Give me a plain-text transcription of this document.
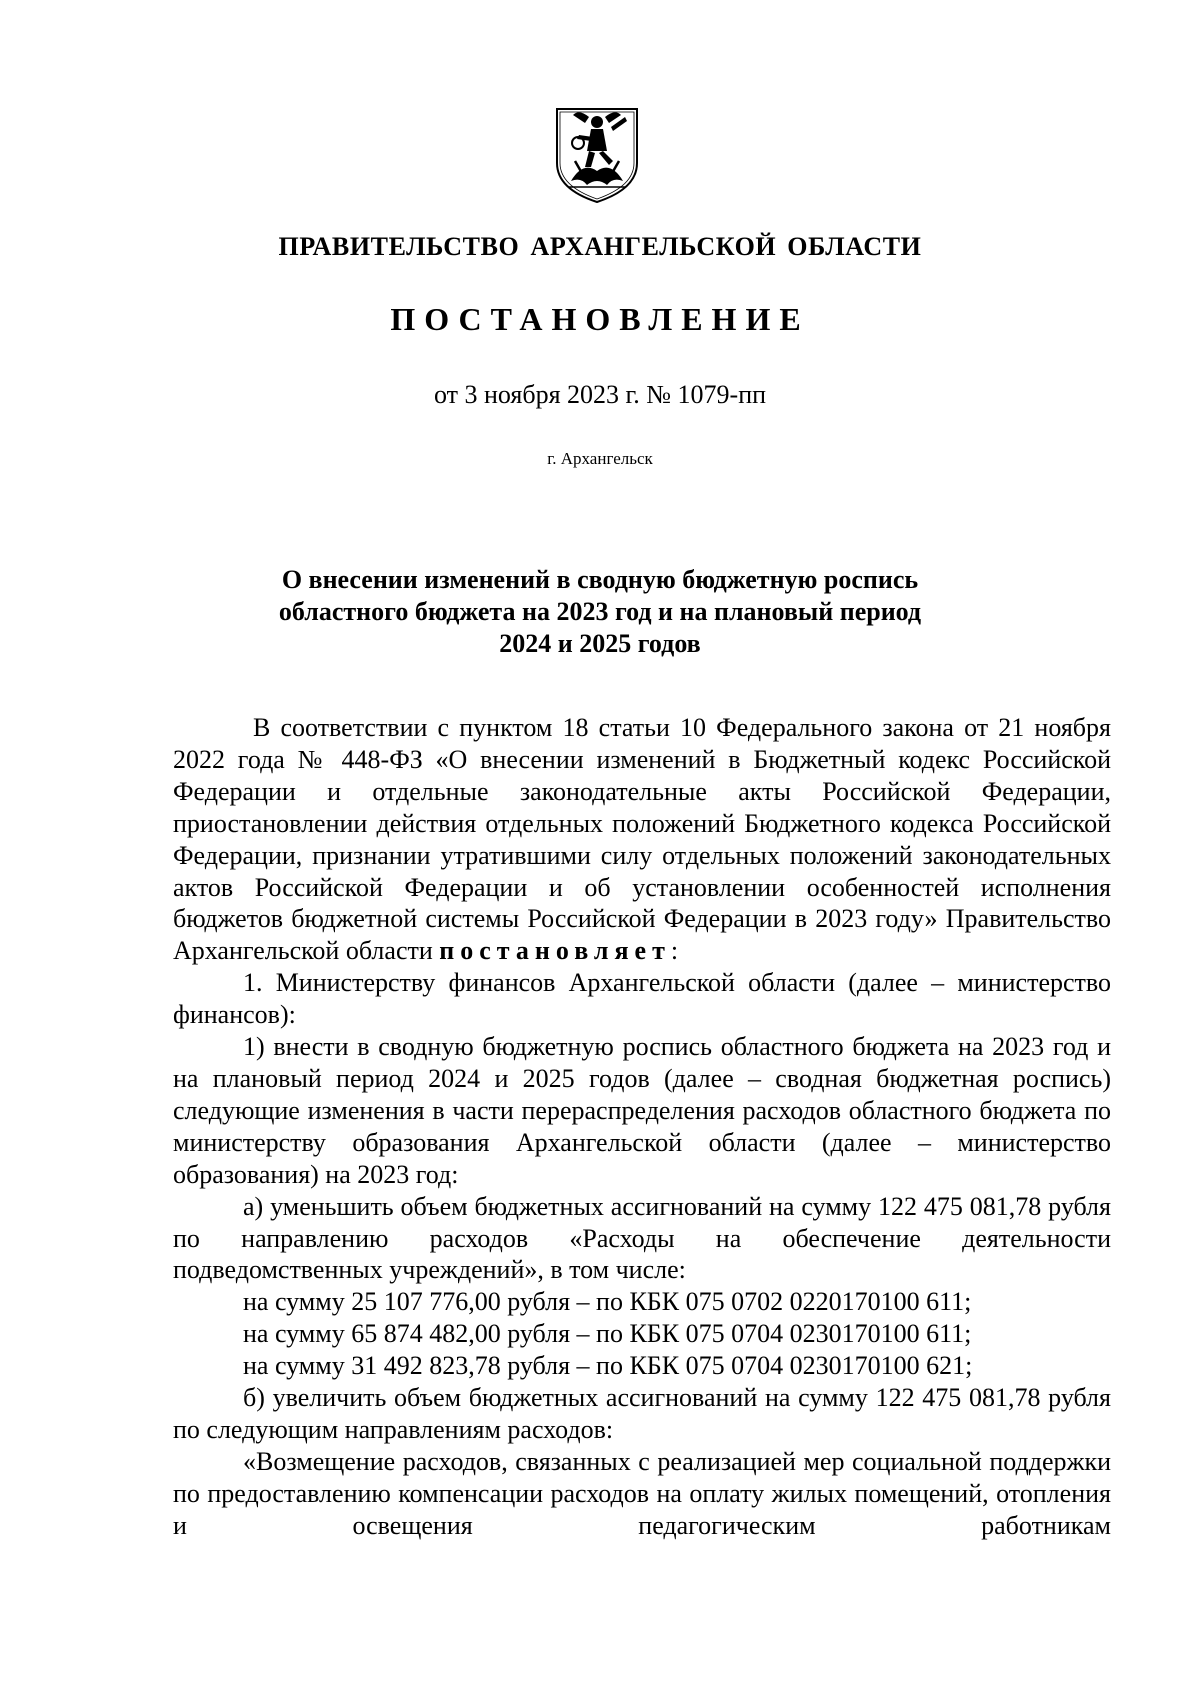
ПРАВИТЕЛЬСТВО АРХАНГЕЛЬСКОЙ ОБЛАСТИ
ПОСТАНОВЛЕНИЕ
от 3 ноября 2023 г. № 1079-пп
г. Архангельск
О внесении изменений в сводную бюджетную роспись
областного бюджета на 2023 год и на плановый период
2024 и 2025 годов

В соответствии с пунктом 18 статьи 10 Федерального закона от 21 ноября 2022 года № 448-ФЗ «О внесении изменений в Бюджетный кодекс Российской Федерации и отдельные законодательные акты Российской Федерации, приостановлении действия отдельных положений Бюджетного кодекса Российской Федерации, признании утратившими силу отдельных положений законодательных актов Российской Федерации и об установлении особенностей исполнения бюджетов бюджетной системы Российской Федерации в 2023 году» Правительство Архангельской области постановляет:

1. Министерству финансов Архангельской области (далее – министерство финансов):

1) внести в сводную бюджетную роспись областного бюджета на 2023 год и на плановый период 2024 и 2025 годов (далее – сводная бюджетная роспись) следующие изменения в части перераспределения расходов областного бюджета по министерству образования Архангельской области (далее – министерство образования) на 2023 год:

а) уменьшить объем бюджетных ассигнований на сумму 122 475 081,78 рубля по направлению расходов «Расходы на обеспечение деятельности подведомственных учреждений», в том числе:

на сумму 25 107 776,00 рубля – по КБК 075 0702 0220170100 611;

на сумму 65 874 482,00 рубля – по КБК 075 0704 0230170100 611;

на сумму 31 492 823,78 рубля – по КБК 075 0704 0230170100 621;

б) увеличить объем бюджетных ассигнований на сумму 122 475 081,78 рубля по следующим направлениям расходов:

«Возмещение расходов, связанных с реализацией мер социальной поддержки по предоставлению компенсации расходов на оплату жилых помещений, отопления и освещения педагогическим работникам
